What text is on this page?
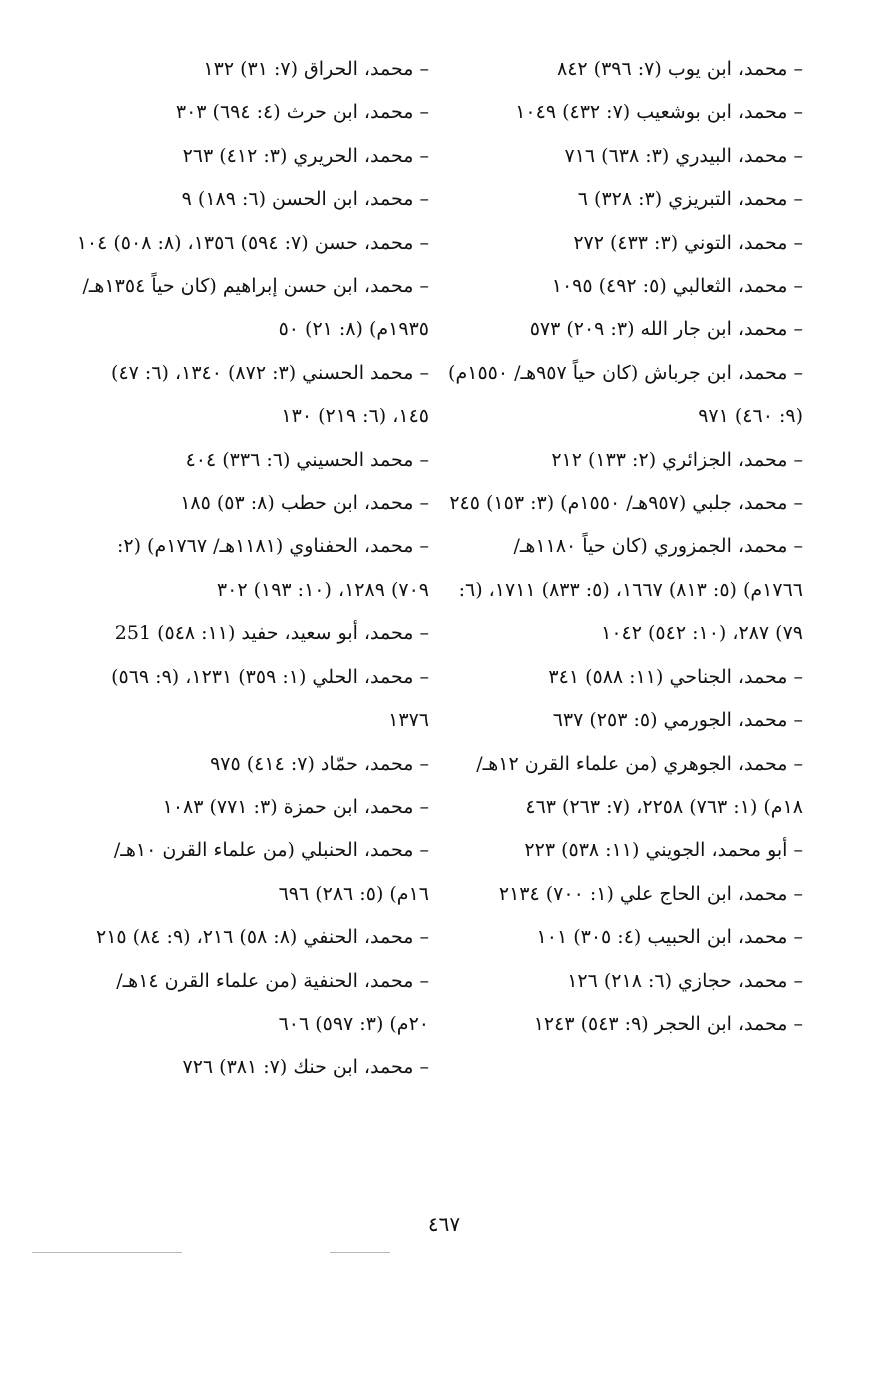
– محمد، ابن يوب (٧: ٣٩٦) ٨٤٢

– محمد، ابن بوشعيب (٧: ٤٣٢) ١٠٤٩

– محمد، البيدري (٣: ٦٣٨) ٧١٦

– محمد، التبريزي (٣: ٣٢٨) ٦

– محمد، التوني (٣: ٤٣٣) ٢٧٢

– محمد، الثعالبي (٥: ٤٩٢) ١٠٩٥

– محمد، ابن جار الله (٣: ٢٠٩) ٥٧٣

– محمد، ابن جرباش (كان حياً ٩٥٧هـ/ ١٥٥٠م) (٩: ٤٦٠) ٩٧١

– محمد، الجزائري (٢: ١٣٣) ٢١٢

– محمد، جلبي (٩٥٧هـ/ ١٥٥٠م) (٣: ١٥٣) ٢٤٥

– محمد، الجمزوري (كان حياً ١١٨٠هـ/ ١٧٦٦م) (٥: ٨١٣) ١٦٦٧، (٥: ٨٣٣) ١٧١١، (٦: ٧٩) ٢٨٧، (١٠: ٥٤٢) ١٠٤٢

– محمد، الجناحي (١١: ٥٨٨) ٣٤١

– محمد، الجورمي (٥: ٢٥٣) ٦٣٧

– محمد، الجوهري (من علماء القرن ١٢هـ/ ١٨م) (١: ٧٦٣) ٢٢٥٨، (٧: ٢٦٣) ٤٦٣

– أبو محمد، الجويني (١١: ٥٣٨) ٢٢٣

– محمد، ابن الحاج علي (١: ٧٠٠) ٢١٣٤

– محمد، ابن الحبيب (٤: ٣٠٥) ١٠١

– محمد، حجازي (٦: ٢١٨) ١٢٦

– محمد، ابن الحجر (٩: ٥٤٣) ١٢٤٣

– محمد، الحراق (٧: ٣١) ١٣٢

– محمد، ابن حرث (٤: ٦٩٤) ٣٠٣

– محمد، الحريري (٣: ٤١٢) ٢٦٣

– محمد، ابن الحسن (٦: ١٨٩) ٩

– محمد، حسن (٧: ٥٩٤) ١٣٥٦، (٨: ٥٠٨) ١٠٤

– محمد، ابن حسن إبراهيم (كان حياً ١٣٥٤هـ/ ١٩٣٥م) (٨: ٢١) ٥٠

– محمد الحسني (٣: ٨٧٢) ١٣٤٠، (٦: ٤٧) ١٤٥، (٦: ٢١٩) ١٣٠

– محمد الحسيني (٦: ٣٣٦) ٤٠٤

– محمد، ابن حطب (٨: ٥٣) ١٨٥

– محمد، الحفناوي (١١٨١هـ/ ١٧٦٧م) (٢: ٧٠٩) ١٢٨٩، (١٠: ١٩٣) ٣٠٢

– محمد، أبو سعيد، حفيد (١١: ٥٤٨) 251

– محمد، الحلي (١: ٣٥٩) ١٢٣١، (٩: ٥٦٩) ١٣٧٦

– محمد، حمّاد (٧: ٤١٤) ٩٧٥

– محمد، ابن حمزة (٣: ٧٧١) ١٠٨٣

– محمد، الحنبلي (من علماء القرن ١٠هـ/ ١٦م) (٥: ٢٨٦) ٦٩٦

– محمد، الحنفي (٨: ٥٨) ٢١٦، (٩: ٨٤) ٢١٥

– محمد، الحنفية (من علماء القرن ١٤هـ/ ٢٠م) (٣: ٥٩٧) ٦٠٦

– محمد، ابن حنك (٧: ٣٨١) ٧٢٦

٤٦٧
